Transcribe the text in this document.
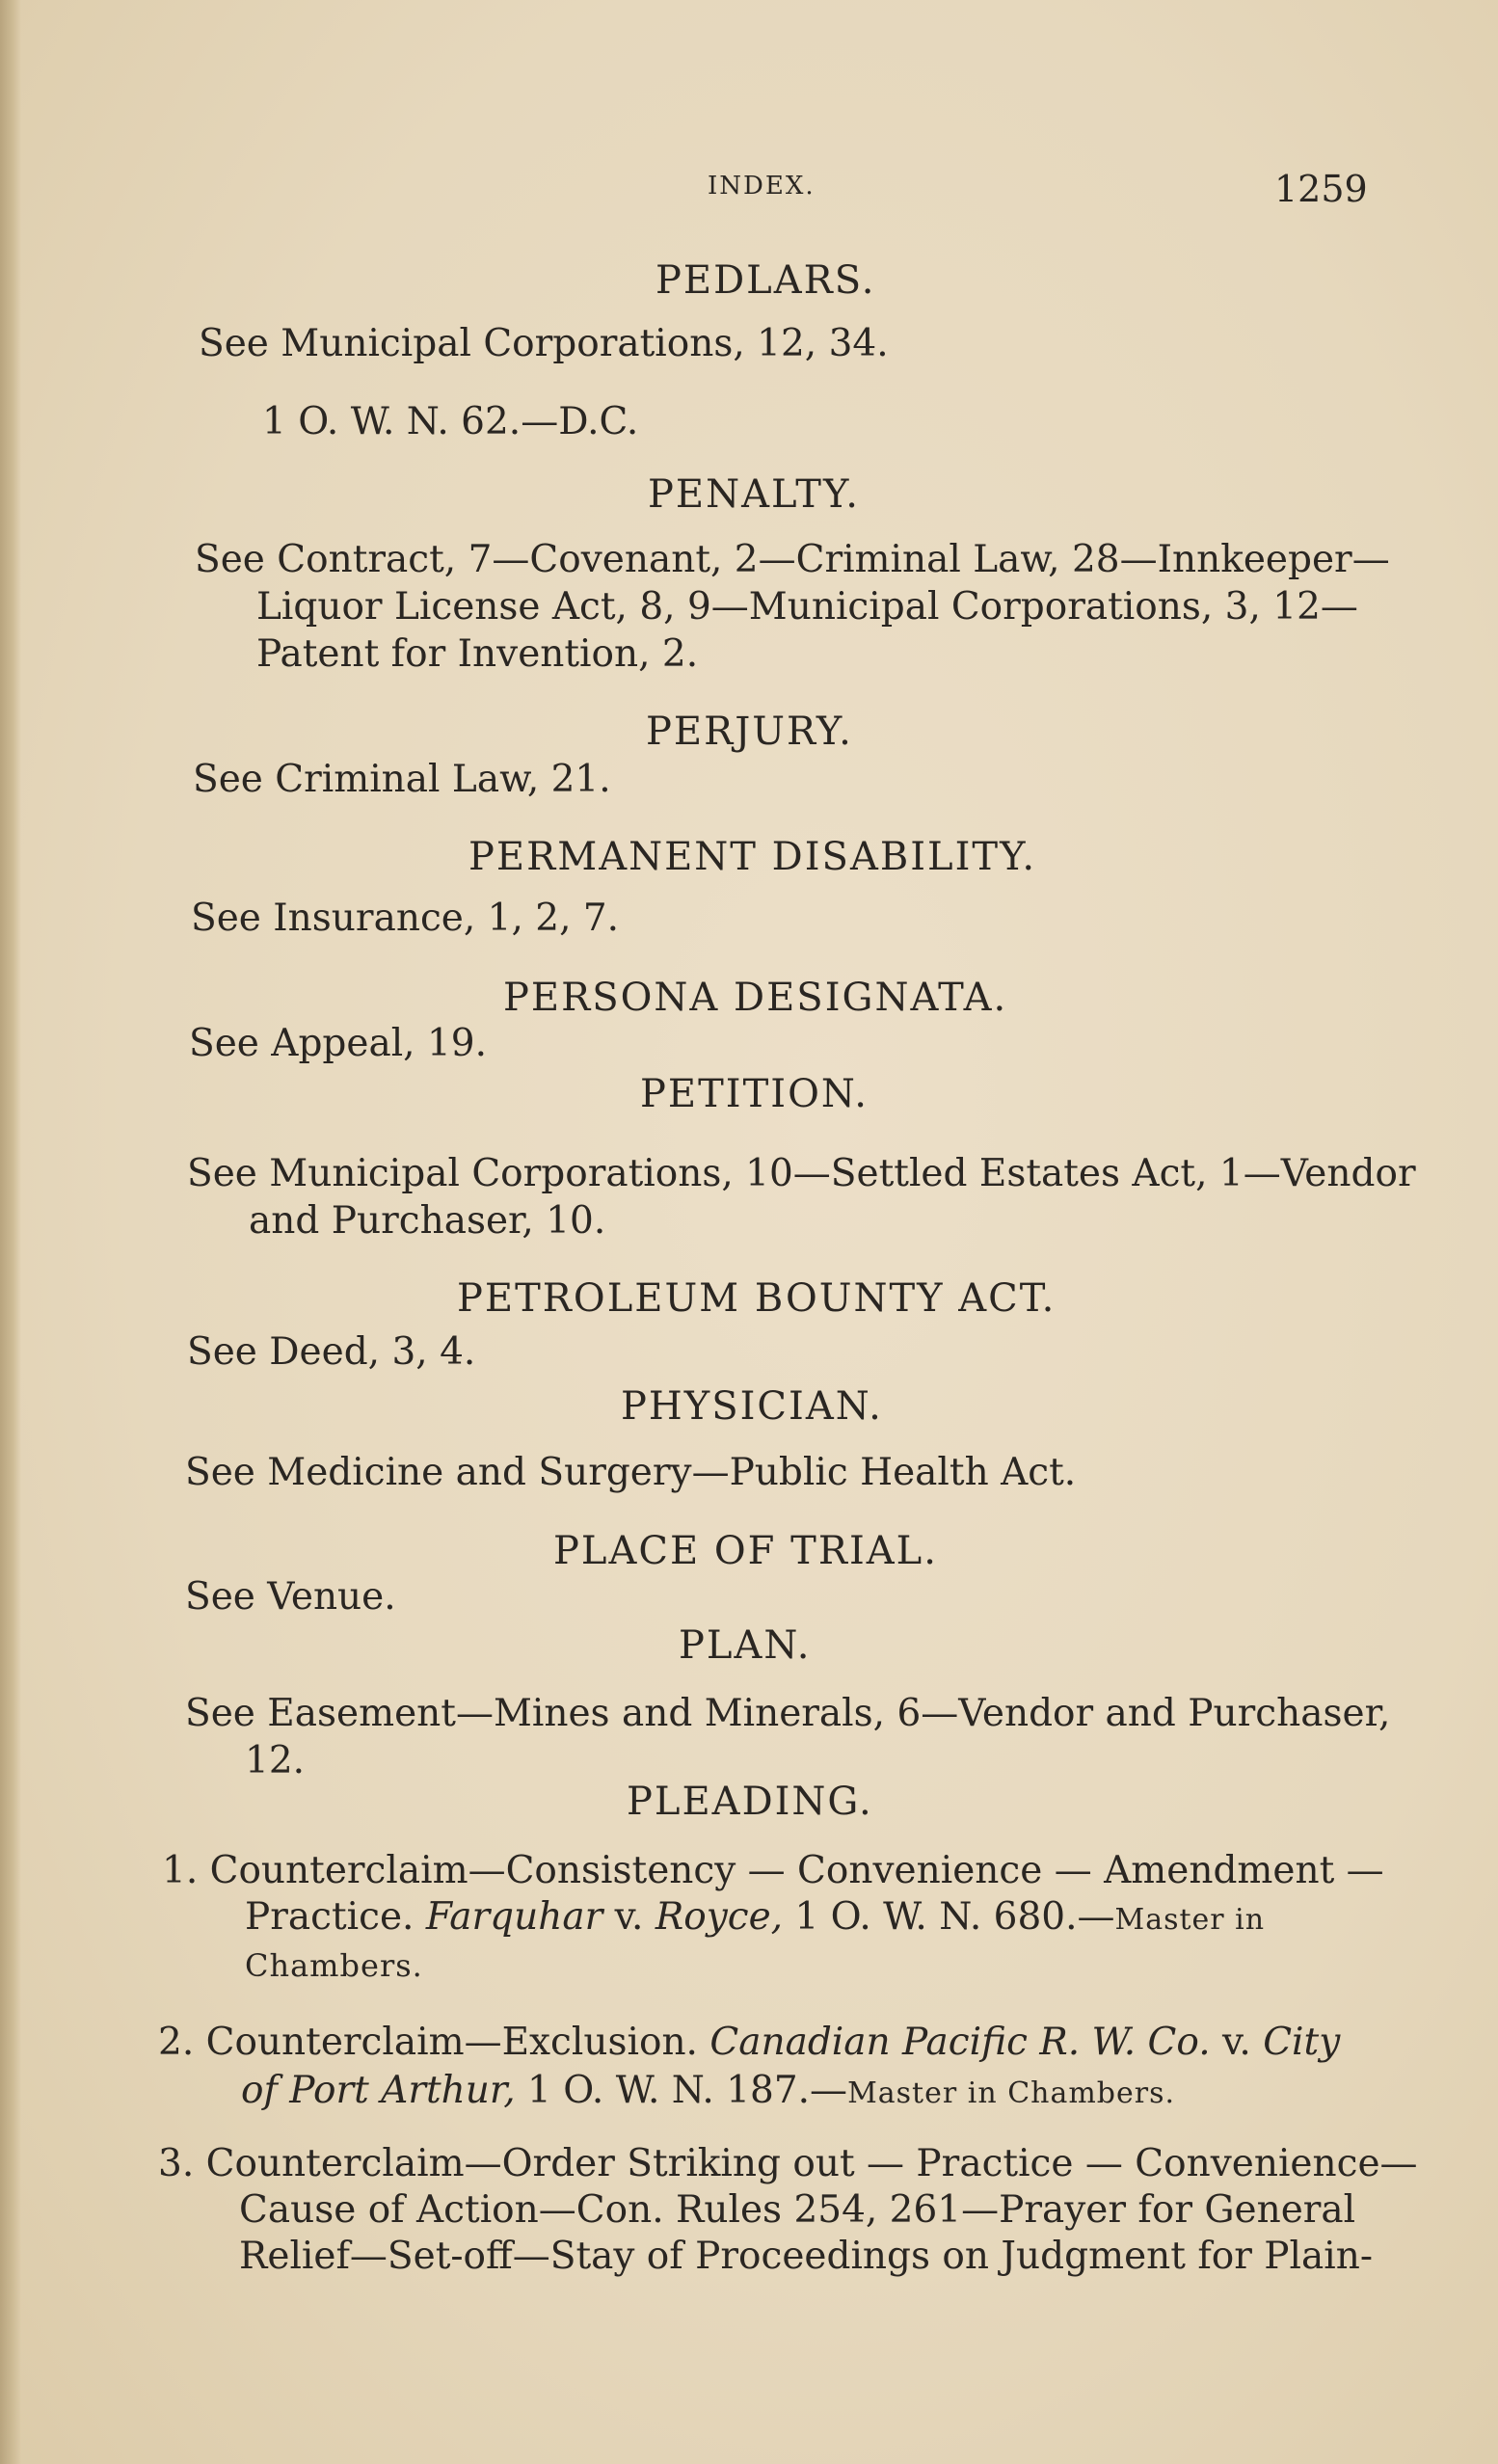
INDEX.	1259
PEDLARS.
See Municipal Corporations, 12, 34.
1 O. W. N. 62.—D.C.
PENALTY.
See Contract, 7—Covenant, 2—Criminal Law, 28—Innkeeper—
Liquor License Act, 8, 9—Municipal Corporations, 3, 12—
Patent for Invention, 2.
PERJURY.
See Criminal Law, 21.
PERMANENT DISABILITY.
See Insurance, 1, 2, 7.
PERSONA DESIGNATA.
See Appeal, 19.
PETITION.
See Municipal Corporations, 10—Settled Estates Act, 1—Vendor
and Purchaser, 10.
PETROLEUM BOUNTY ACT.
See Deed, 3, 4.
PHYSICIAN.
See Medicine and Surgery—Public Health Act.
PLACE OF TRIAL.
See Venue.
PLAN.
See Easement—Mines and Minerals, 6—Vendor and Purchaser,
12.
PLEADING.
1. Counterclaim—Consistency — Convenience — Amendment —
Practice. Farquhar v. Royce, 1 O. W. N. 680.—Master in
Chambers.
2. Counterclaim—Exclusion. Canadian Pacific R. W. Co. v. City
of Port Arthur, 1 O. W. N. 187.—Master in Chambers.
3. Counterclaim—Order Striking out — Practice — Convenience—
Cause of Action—Con. Rules 254, 261—Prayer for General
Relief—Set-off—Stay of Proceedings on Judgment for Plain-
